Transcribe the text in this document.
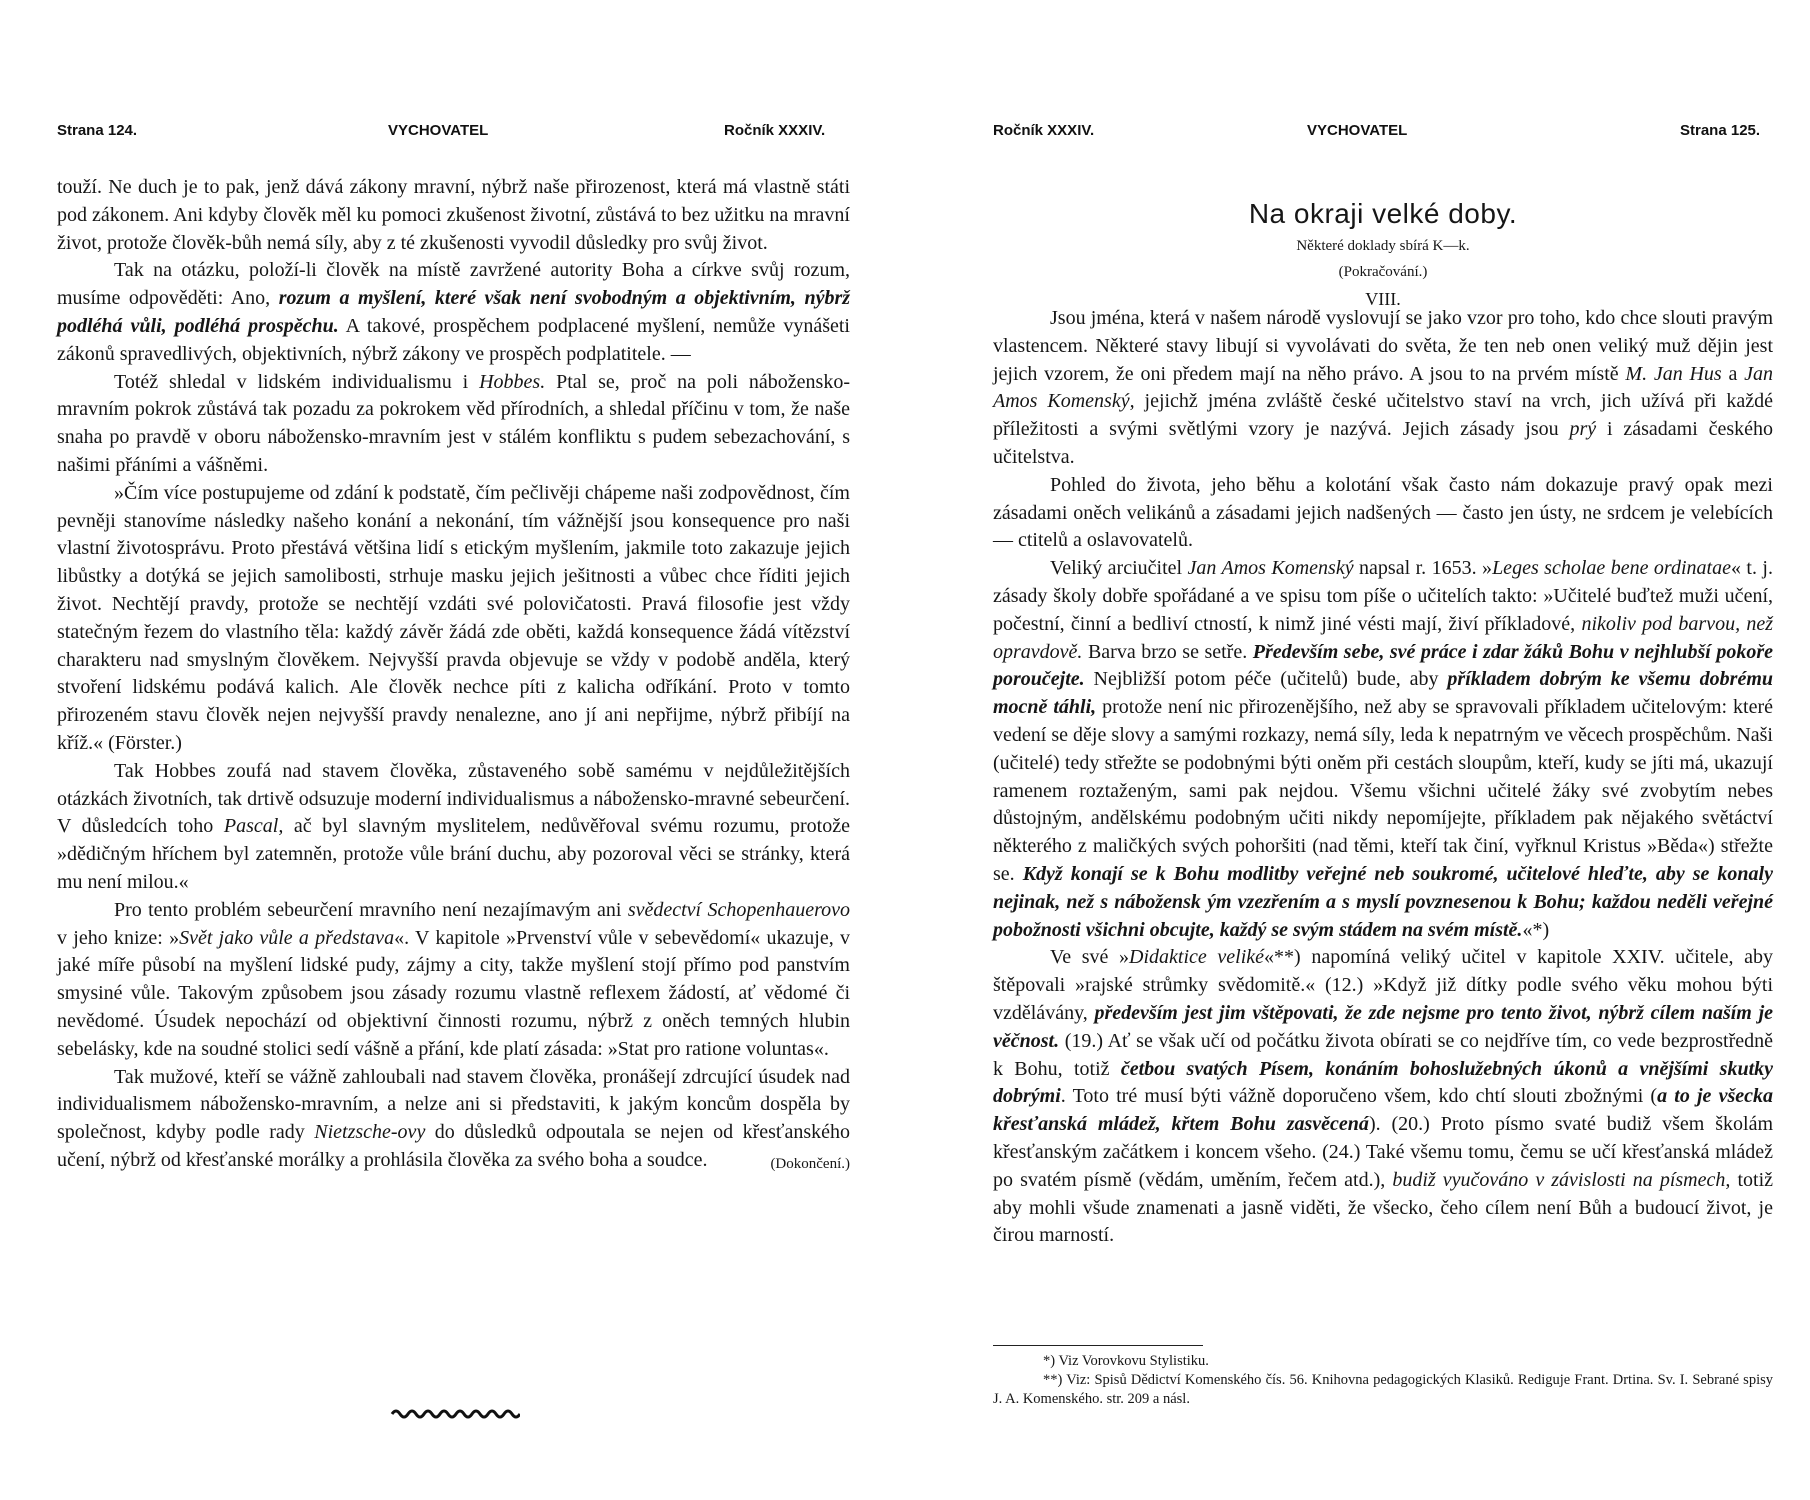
Strana 124.	VYCHOVATEL	Ročník XXXIV.

touží. Ne duch je to pak, jenž dává zákony mravní, nýbrž naše přirozenost, která má vlastně státi pod zákonem. Ani kdyby člověk měl ku pomoci zkušenost životní, zůstává to bez užitku na mravní život, protože člověk-bůh nemá síly, aby z té zkušenosti vyvodil důsledky pro svůj život.

Tak na otázku, položí-li člověk na místě zavržené autority Boha a církve svůj rozum, musíme odpověděti: Ano, rozum a myšlení, které však není svobodným a objektivním, nýbrž podléhá vůli, podléhá prospěchu. A takové, prospěchem podplacené myšlení, nemůže vynášeti zákonů spravedlivých, objektivních, nýbrž zákony ve prospěch podplatitele. —

Totéž shledal v lidském individualismu i Hobbes. Ptal se, proč na poli nábožensko-mravním pokrok zůstává tak pozadu za pokrokem věd přírodních, a shledal příčinu v tom, že naše snaha po pravdě v oboru nábožensko-mravním jest v stálém konfliktu s pudem sebezachování, s našimi přáními a vášněmi.

»Čím více postupujeme od zdání k podstatě, čím pečlivěji chápeme naši zodpovědnost, čím pevněji stanovíme následky našeho konání a nekonání, tím vážnější jsou konsequence pro naši vlastní životosprávu. Proto přestává většina lidí s etickým myšlením, jakmile toto zakazuje jejich libůstky a dotýká se jejich samolibosti, strhuje masku jejich ješitnosti a vůbec chce říditi jejich život. Nechtějí pravdy, protože se nechtějí vzdáti své polovičatosti. Pravá filosofie jest vždy statečným řezem do vlastního těla: každý závěr žádá zde oběti, každá konsequence žádá vítězství charakteru nad smyslným člověkem. Nejvyšší pravda objevuje se vždy v podobě anděla, který stvoření lidskému podává kalich. Ale člověk nechce píti z kalicha odříkání. Proto v tomto přirozeném stavu člověk nejen nejvyšší pravdy nenalezne, ano jí ani nepřijme, nýbrž přibíjí na kříž.« (Förster.)

Tak Hobbes zoufá nad stavem člověka, zůstaveného sobě samému v nejdůležitějších otázkách životních, tak drtivě odsuzuje moderní individualismus a nábožensko-mravné sebeurčení. V důsledcích toho Pascal, ač byl slavným myslitelem, nedůvěřoval svému rozumu, protože »dědičným hříchem byl zatemněn, protože vůle brání duchu, aby pozoroval věci se stránky, která mu není milou.«

Pro tento problém sebeurčení mravního není nezajímavým ani svědectví Schopenhauerovo v jeho knize: »Svět jako vůle a představa«. V kapitole »Prvenství vůle v sebevědomí« ukazuje, v jaké míře působí na myšlení lidské pudy, zájmy a city, takže myšlení stojí přímo pod panstvím smysiné vůle. Takovým způsobem jsou zásady rozumu vlastně reflexem žádostí, ať vědomé či nevědomé. Úsudek nepochází od objektivní činnosti rozumu, nýbrž z oněch temných hlubin sebelásky, kde na soudné stolici sedí vášně a přání, kde platí zásada: »Stat pro ratione voluntas«.

Tak mužové, kteří se vážně zahloubali nad stavem člověka, pronášejí zdrcující úsudek nad individualismem nábožensko-mravním, a nelze ani si představiti, k jakým koncům dospěla by společnost, kdyby podle rady Nietzsche-ovy do důsledků odpoutala se nejen od křesťanského učení, nýbrž od křesťanské morálky a prohlásila člověka za svého boha a soudce.	(Dokončení.)

Ročník XXXIV.	VYCHOVATEL	Strana 125.
Na okraji velké doby.
Některé doklady sbírá K—k.
(Pokračování.)
VIII.

Jsou jména, která v našem národě vyslovují se jako vzor pro toho, kdo chce slouti pravým vlastencem. Některé stavy libují si vyvolávati do světa, že ten neb onen veliký muž dějin jest jejich vzorem, že oni předem mají na něho právo. A jsou to na prvém místě M. Jan Hus a Jan Amos Komenský, jejichž jména zvláště české učitelstvo staví na vrch, jich užívá při každé příležitosti a svými světlými vzory je nazývá. Jejich zásady jsou prý i zásadami českého učitelstva.

Pohled do života, jeho běhu a kolotání však často nám dokazuje pravý opak mezi zásadami oněch velikánů a zásadami jejich nadšených — často jen ústy, ne srdcem je velebících — ctitelů a oslavovatelů.

Veliký arciučitel Jan Amos Komenský napsal r. 1653. »Leges scholae bene ordinatae« t. j. zásady školy dobře spořádané a ve spisu tom píše o učitelích takto: »Učitelé buďtež muži učení, počestní, činní a bedliví ctností, k nimž jiné vésti mají, živí příkladové, nikoliv pod barvou, než opravdově. Barva brzo se setře. Především sebe, své práce i zdar žáků Bohu v nejhlubší pokoře poroučejte. Nejbližší potom péče (učitelů) bude, aby příkladem dobrým ke všemu dobrému mocně táhli, protože není nic přirozenějšího, než aby se spravovali příkladem učitelovým: které vedení se děje slovy a samými rozkazy, nemá síly, leda k nepatrným ve věcech prospěchům. Naši (učitelé) tedy střežte se podobnými býti oněm při cestách sloupům, kteří, kudy se jíti má, ukazují ramenem roztaženým, sami pak nejdou. Všemu všichni učitelé žáky své zvobytím nebes důstojným, andělskému podobným učiti nikdy nepomíjejte, příkladem pak nějakého světáctví některého z maličkých svých pohoršiti (nad těmi, kteří tak činí, vyřknul Kristus »Běda«) střežte se. Když konají se k Bohu modlitby veřejné neb soukromé, učitelové hleďte, aby se konaly nejinak, než s nábožensk ým vzezřením a s myslí povznesenou k Bohu; každou neděli veřejné pobožnosti všichni obcujte, každý se svým stádem na svém místě.«*)

Ve své »Didaktice veliké«**) napomíná veliký učitel v kapitole XXIV. učitele, aby štěpovali »rajské strůmky svědomitě.« (12.) »Když již dítky podle svého věku mohou býti vzdělávány, především jest jim vštěpovati, že zde nejsme pro tento život, nýbrž cílem naším je věčnost. (19.) Ať se však učí od počátku života obírati se co nejdříve tím, co vede bezprostředně k Bohu, totiž četbou svatých Písem, konáním bohoslužebných úkonů a vnějšími skutky dobrými. Toto tré musí býti vážně doporučeno všem, kdo chtí slouti zbožnými (a to je všecka křesťanská mládež, křtem Bohu zasvěcená). (20.) Proto písmo svaté budiž všem školám křesťanským začátkem i koncem všeho. (24.) Také všemu tomu, čemu se učí křesťanská mládež po svatém písmě (vědám, uměním, řečem atd.), budiž vyučováno v závislosti na písmech, totiž aby mohli všude znamenati a jasně viděti, že všecko, čeho cílem není Bůh a budoucí život, je čirou marností.

*) Viz Vorovkovu Stylistiku.

**) Viz: Spisů Dědictví Komenského čís. 56. Knihovna pedagogických Klasiků. Rediguje Frant. Drtina. Sv. I. Sebrané spisy J. A. Komenského. str. 209 a násl.
